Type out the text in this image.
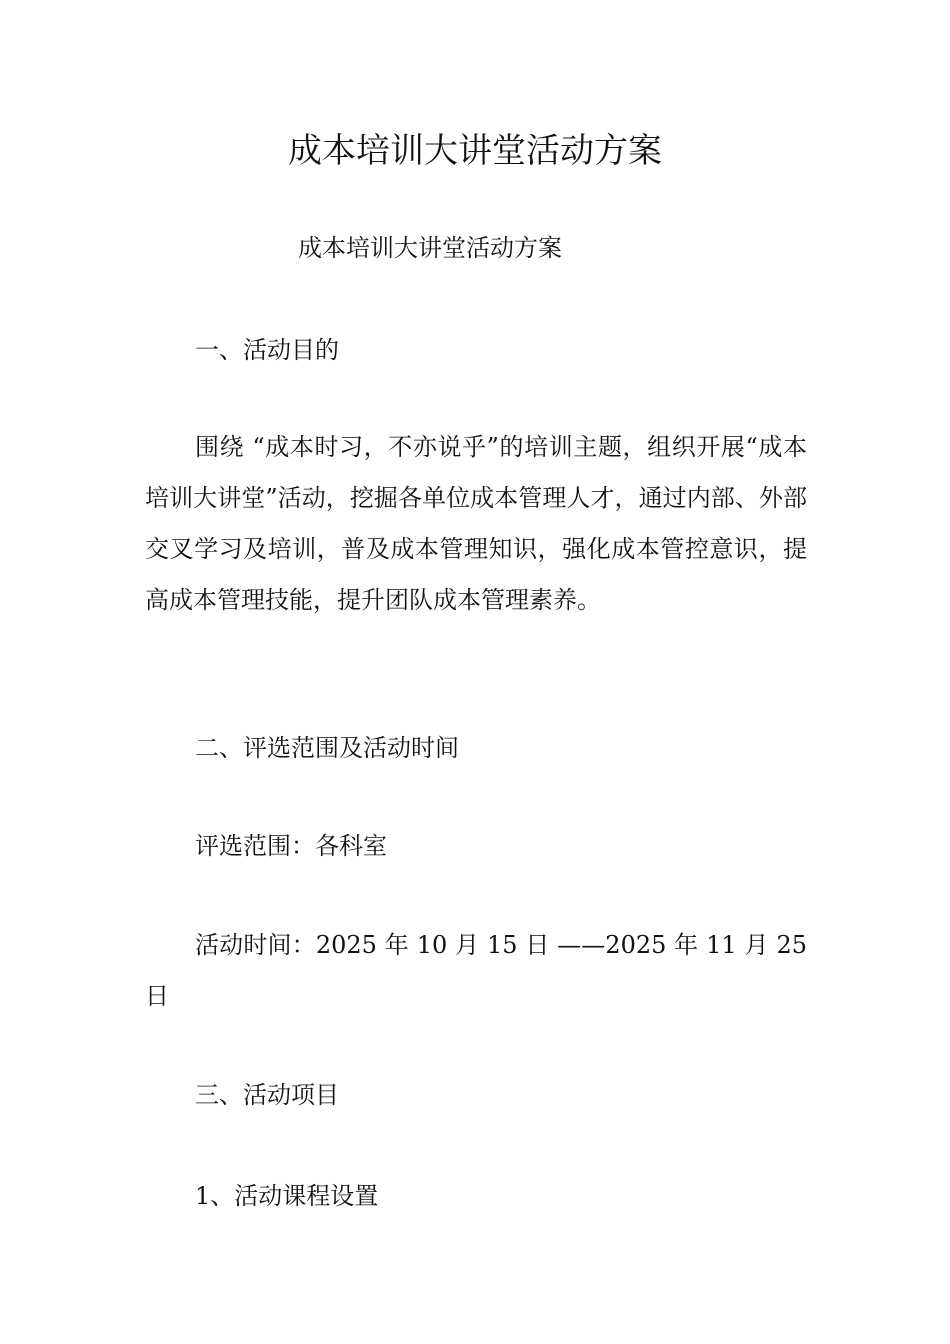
成本培训大讲堂活动方案

成本培训大讲堂活动方案

一、活动目的

围绕 “成本时习，不亦说乎”的培训主题，组织开展“成本培训大讲堂”活动，挖掘各单位成本管理人才，通过内部、外部交叉学习及培训，普及成本管理知识，强化成本管控意识，提高成本管理技能，提升团队成本管理素养。

二、评选范围及活动时间

评选范围：各科室

活动时间：2025 年 10 月 15 日 ——2025 年 11 月 25 日

三、活动项目

1、活动课程设置
